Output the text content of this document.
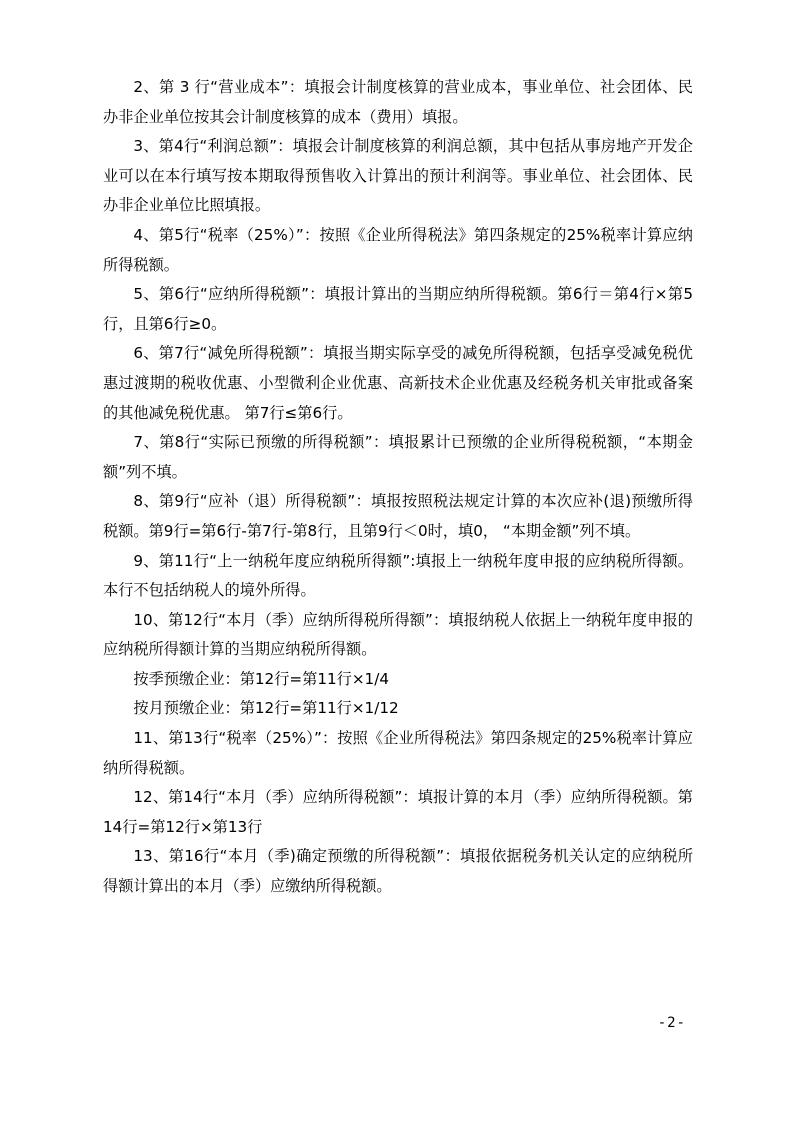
2、第 3 行“营业成本”：填报会计制度核算的营业成本，事业单位、社会团体、民办非企业单位按其会计制度核算的成本（费用）填报。

3、第4行“利润总额”：填报会计制度核算的利润总额，其中包括从事房地产开发企业可以在本行填写按本期取得预售收入计算出的预计利润等。事业单位、社会团体、民办非企业单位比照填报。

4、第5行“税率（25%）”：按照《企业所得税法》第四条规定的25%税率计算应纳所得税额。

5、第6行“应纳所得税额”：填报计算出的当期应纳所得税额。第6行＝第4行×第5行，且第6行≥0。

6、第7行“减免所得税额”：填报当期实际享受的减免所得税额，包括享受减免税优惠过渡期的税收优惠、小型微利企业优惠、高新技术企业优惠及经税务机关审批或备案的其他减免税优惠。 第7行≤第6行。

7、第8行“实际已预缴的所得税额”：填报累计已预缴的企业所得税税额，“本期金额”列不填。

8、第9行“应补（退）所得税额”：填报按照税法规定计算的本次应补(退)预缴所得税额。第9行=第6行-第7行-第8行，且第9行＜0时，填0， “本期金额”列不填。

9、第11行“上一纳税年度应纳税所得额”:填报上一纳税年度申报的应纳税所得额。本行不包括纳税人的境外所得。

10、第12行“本月（季）应纳所得税所得额”：填报纳税人依据上一纳税年度申报的应纳税所得额计算的当期应纳税所得额。

按季预缴企业：第12行=第11行×1/4

按月预缴企业：第12行=第11行×1/12

11、第13行“税率（25%）”：按照《企业所得税法》第四条规定的25%税率计算应纳所得税额。

12、第14行“本月（季）应纳所得税额”：填报计算的本月（季）应纳所得税额。第14行=第12行×第13行

13、第16行“本月（季)确定预缴的所得税额”：填报依据税务机关认定的应纳税所得额计算出的本月（季）应缴纳所得税额。

-2-
